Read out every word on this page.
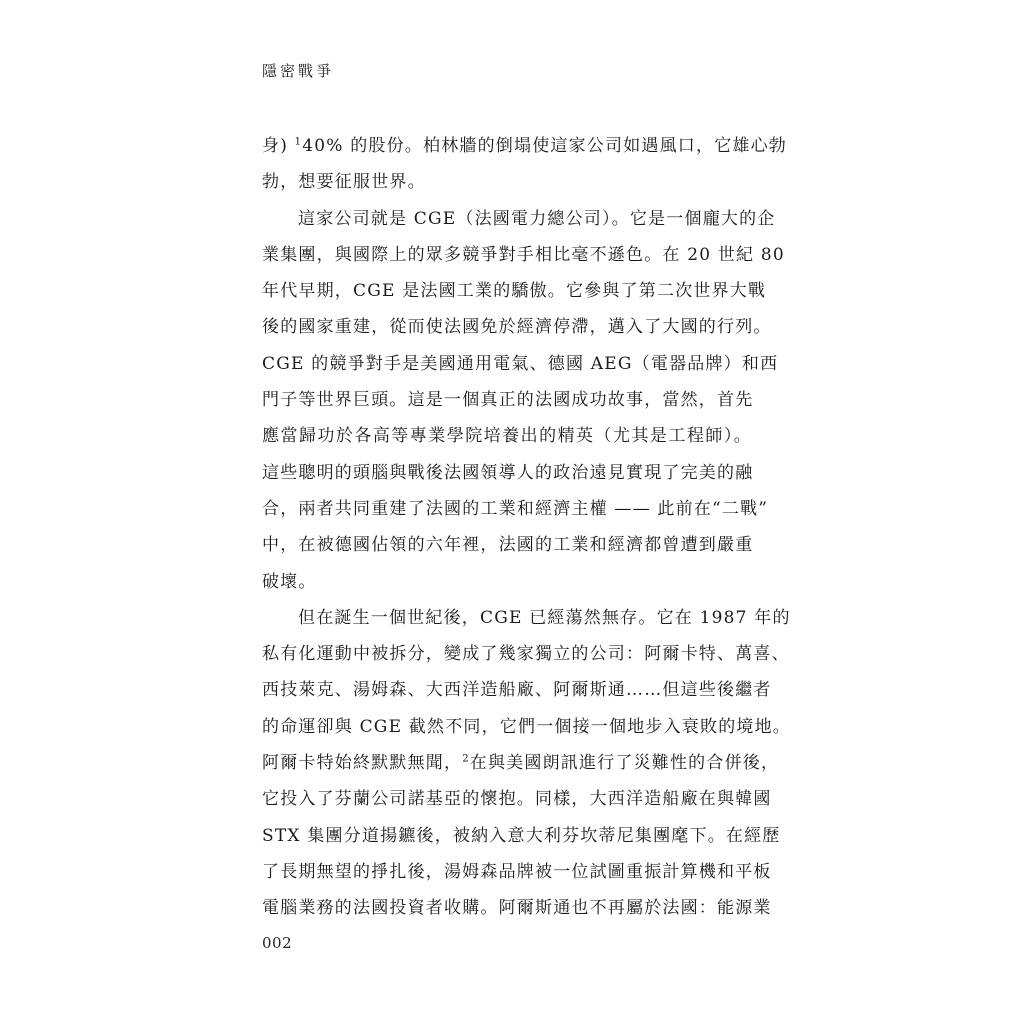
隱密戰爭
身) $^1$40% 的股份。柏林牆的倒塌使這家公司如遇風口，它雄心勃
勃，想要征服世界。
這家公司就是 CGE（法國電力總公司）。它是一個龐大的企
業集團，與國際上的眾多競爭對手相比毫不遜色。在 20 世紀 80
年代早期，CGE 是法國工業的驕傲。它參與了第二次世界大戰
後的國家重建，從而使法國免於經濟停滯，邁入了大國的行列。
CGE 的競爭對手是美國通用電氣、德國 AEG（電器品牌）和西
門子等世界巨頭。這是一個真正的法國成功故事，當然，首先
應當歸功於各高等專業學院培養出的精英（尤其是工程師）。
這些聰明的頭腦與戰後法國領導人的政治遠見實現了完美的融
合，兩者共同重建了法國的工業和經濟主權 —— 此前在“二戰”
中，在被德國佔領的六年裡，法國的工業和經濟都曾遭到嚴重
破壞。
但在誕生一個世紀後，CGE 已經蕩然無存。它在 1987 年的
私有化運動中被拆分，變成了幾家獨立的公司：阿爾卡特、萬喜、
西技萊克、湯姆森、大西洋造船廠、阿爾斯通……但這些後繼者
的命運卻與 CGE 截然不同，它們一個接一個地步入衰敗的境地。
阿爾卡特始終默默無聞，$^2$在與美國朗訊進行了災難性的合併後，
它投入了芬蘭公司諾基亞的懷抱。同樣，大西洋造船廠在與韓國
STX 集團分道揚鑣後，被納入意大利芬坎蒂尼集團麾下。在經歷
了長期無望的掙扎後，湯姆森品牌被一位試圖重振計算機和平板
電腦業務的法國投資者收購。阿爾斯通也不再屬於法國：能源業
002
